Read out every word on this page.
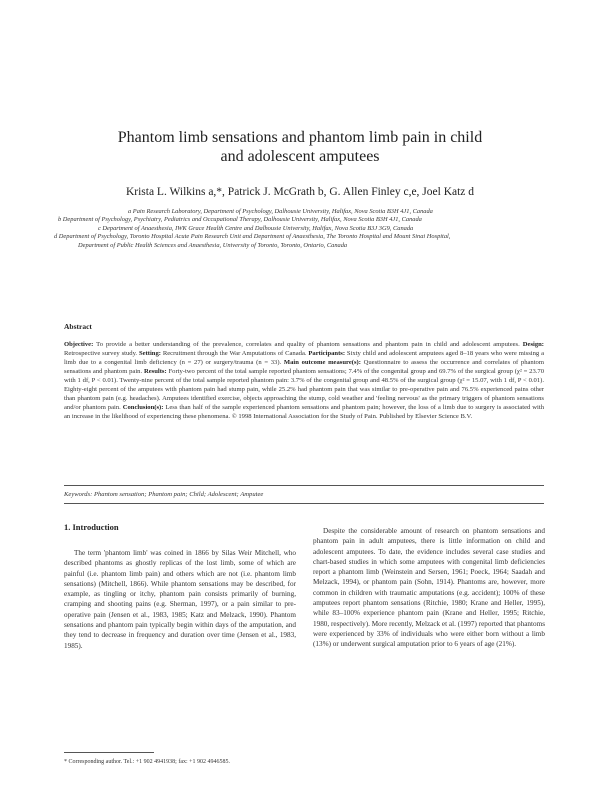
Phantom limb sensations and phantom limb pain in child
and adolescent amputees
Krista L. Wilkins a,*, Patrick J. McGrath b, G. Allen Finley c,e, Joel Katz d
a Pain Research Laboratory, Department of Psychology, Dalhousie University, Halifax, Nova Scotia B3H 4J1, Canada
b Department of Psychology, Psychiatry, Pediatrics and Occupational Therapy, Dalhousie University, Halifax, Nova Scotia B3H 4J1, Canada
c Department of Anaesthesia, IWK Grace Health Centre and Dalhousie University, Halifax, Nova Scotia B3J 3G9, Canada
d Department of Psychology, Toronto Hospital Acute Pain Research Unit and Department of Anaesthesia, The Toronto Hospital and Mount Sinai Hospital,
Department of Public Health Sciences and Anaesthesia, University of Toronto, Toronto, Ontario, Canada
Abstract
Objective: To provide a better understanding of the prevalence, correlates and quality of phantom sensations and phantom pain in child and adolescent amputees. Design: Retrospective survey study. Setting: Recruitment through the War Amputations of Canada. Participants: Sixty child and adolescent amputees aged 8–18 years who were missing a limb due to a congenital limb deficiency (n = 27) or surgery/trauma (n = 33). Main outcome measure(s): Questionnaire to assess the occurrence and correlates of phantom sensations and phantom pain. Results: Forty-two percent of the total sample reported phantom sensations; 7.4% of the congenital group and 69.7% of the surgical group (χ² = 23.70 with 1 df, P < 0.01). Twenty-nine percent of the total sample reported phantom pain: 3.7% of the congenital group and 48.5% of the surgical group (χ² = 15.07, with 1 df, P < 0.01). Eighty-eight percent of the amputees with phantom pain had stump pain, while 25.2% had phantom pain that was similar to pre-operative pain and 76.5% experienced pains other than phantom pain (e.g. headaches). Amputees identified exercise, objects approaching the stump, cold weather and 'feeling nervous' as the primary triggers of phantom sensations and/or phantom pain. Conclusion(s): Less than half of the sample experienced phantom sensations and phantom pain; however, the loss of a limb due to surgery is associated with an increase in the likelihood of experiencing these phenomena. © 1998 International Association for the Study of Pain. Published by Elsevier Science B.V.
Keywords: Phantom sensation; Phantom pain; Child; Adolescent; Amputee
1. Introduction
The term 'phantom limb' was coined in 1866 by Silas Weir Mitchell, who described phantoms as ghostly replicas of the lost limb, some of which are painful (i.e. phantom limb pain) and others which are not (i.e. phantom limb sensations) (Mitchell, 1866). While phantom sensations may be described, for example, as tingling or itchy, phantom pain consists primarily of burning, cramping and shooting pains (e.g. Sherman, 1997), or a pain similar to pre-operative pain (Jensen et al., 1983, 1985; Katz and Melzack, 1990). Phantom sensations and phantom pain typically begin within days of the amputation, and they tend to decrease in frequency and duration over time (Jensen et al., 1983, 1985).
Despite the considerable amount of research on phantom sensations and phantom pain in adult amputees, there is little information on child and adolescent amputees. To date, the evidence includes several case studies and chart-based studies in which some amputees with congenital limb deficiencies report a phantom limb (Weinstein and Sersen, 1961; Poeck, 1964; Saadah and Melzack, 1994), or phantom pain (Sohn, 1914). Phantoms are, however, more common in children with traumatic amputations (e.g. accident); 100% of these amputees report phantom sensations (Ritchie, 1980; Krane and Heller, 1995), while 83–100% experience phantom pain (Krane and Heller, 1995; Ritchie, 1980, respectively). More recently, Melzack et al. (1997) reported that phantoms were experienced by 33% of individuals who were either born without a limb (13%) or underwent surgical amputation prior to 6 years of age (21%).
* Corresponding author. Tel.: +1 902 4941938; fax: +1 902 4946585.
